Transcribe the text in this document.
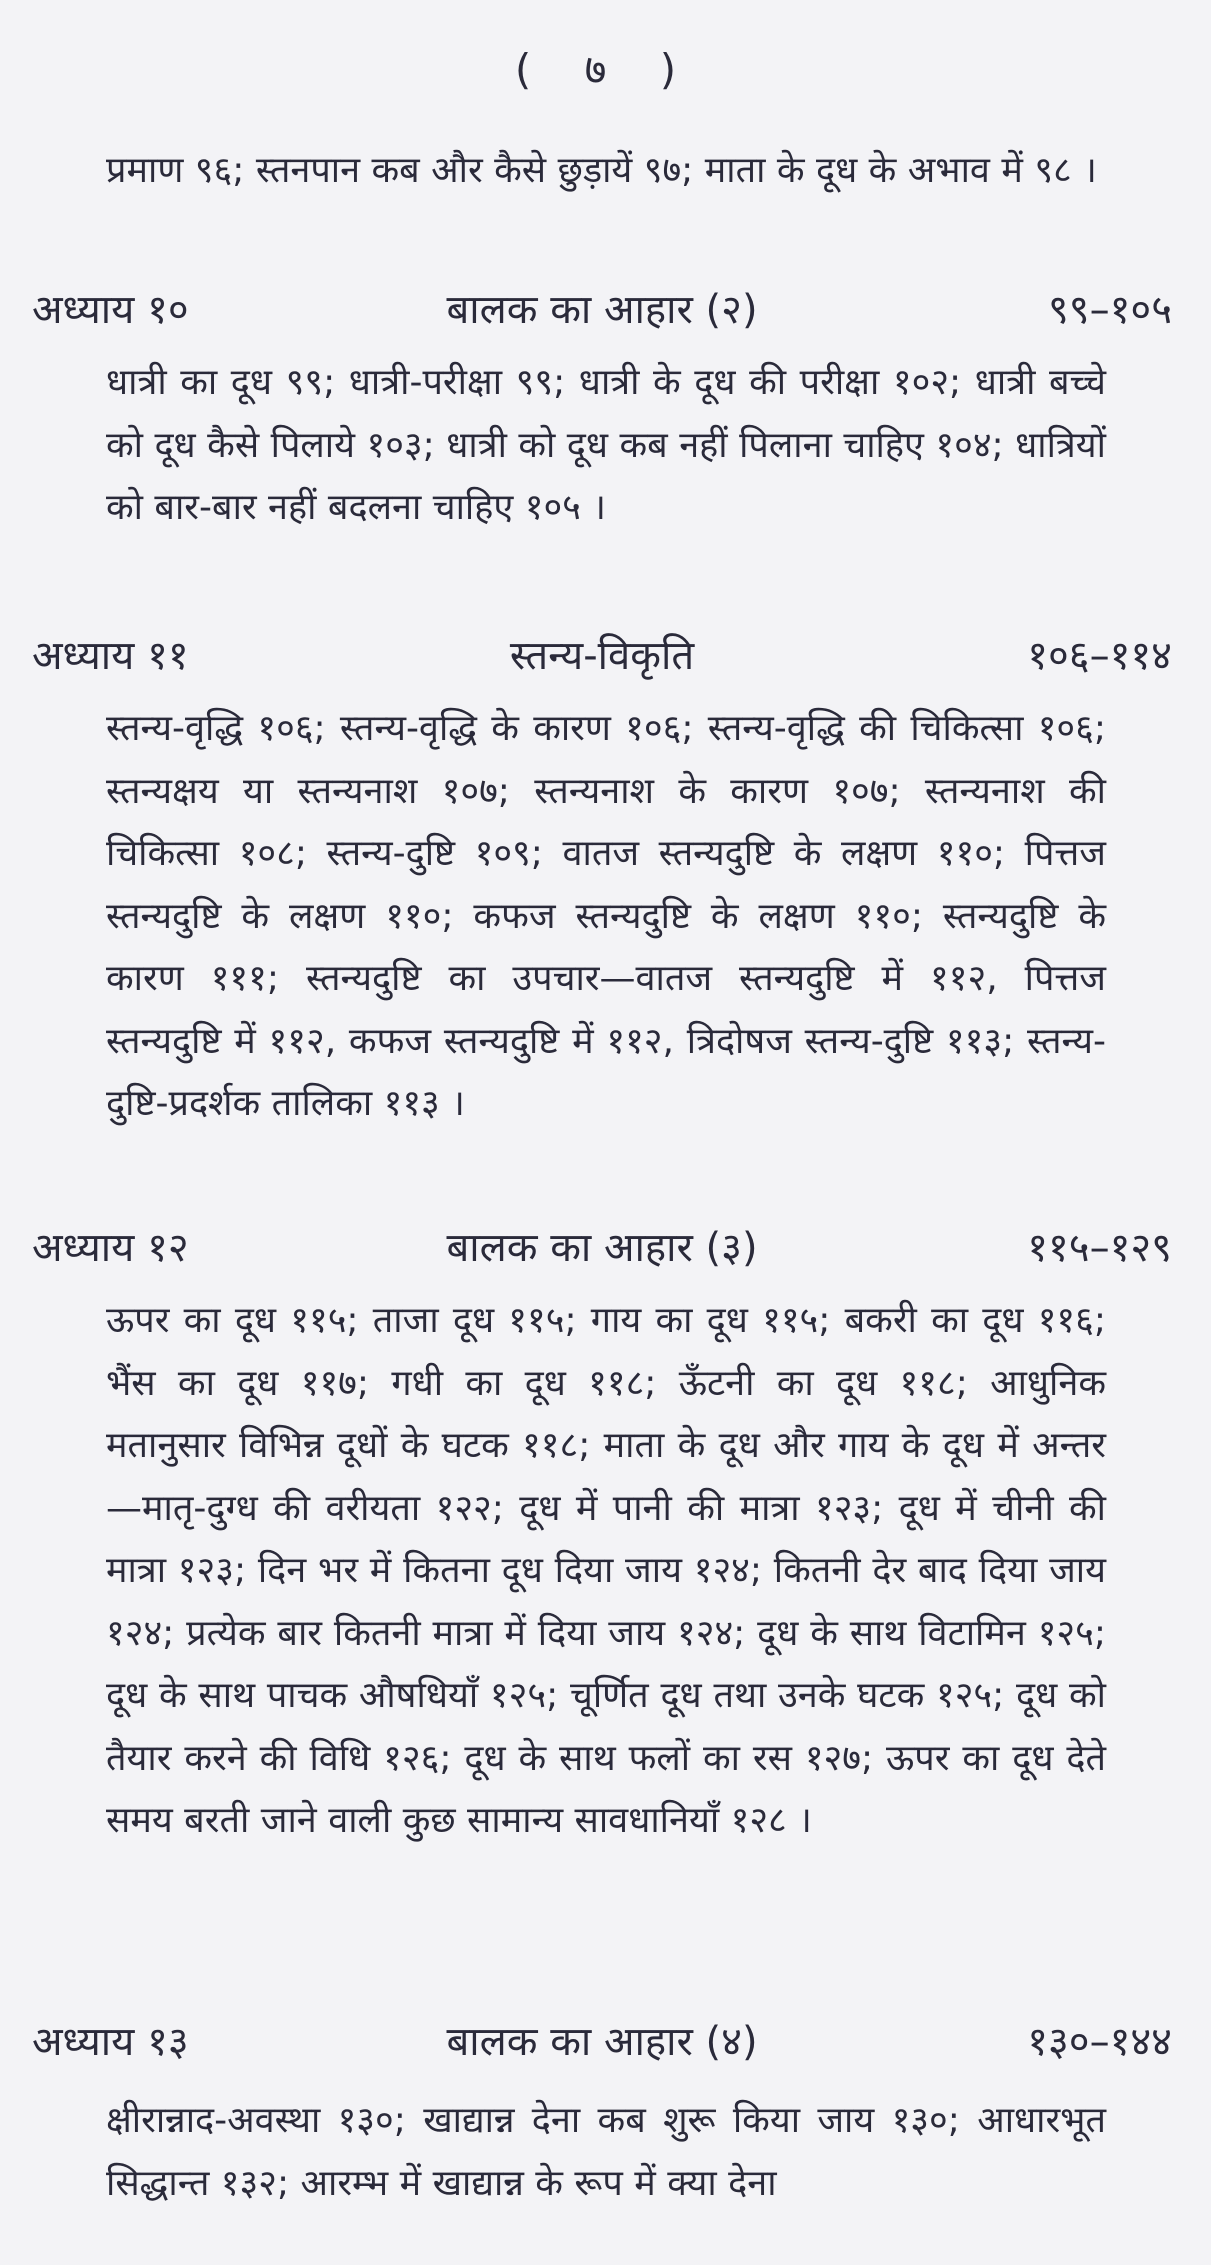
( ७ )

प्रमाण ९६; स्तनपान कब और कैसे छुड़ायें ९७; माता के दूध के अभाव में ९८ ।

अध्याय १०	बालक का आहार (२)	९९–१०५

धात्री का दूध ९९; धात्री-परीक्षा ९९; धात्री के दूध की परीक्षा १०२; धात्री बच्चे को दूध कैसे पिलाये १०३; धात्री को दूध कब नहीं पिलाना चाहिए १०४; धात्रियों को बार-बार नहीं बदलना चाहिए १०५ ।

अध्याय ११	स्तन्य-विकृति	१०६–११४

स्तन्य-वृद्धि १०६; स्तन्य-वृद्धि के कारण १०६; स्तन्य-वृद्धि की चिकित्सा १०६; स्तन्यक्षय या स्तन्यनाश १०७; स्तन्यनाश के कारण १०७; स्तन्यनाश की चिकित्सा १०८; स्तन्य-दुष्टि १०९; वातज स्तन्यदुष्टि के लक्षण ११०; पित्तज स्तन्यदुष्टि के लक्षण ११०; कफज स्तन्यदुष्टि के लक्षण ११०; स्तन्यदुष्टि के कारण १११; स्तन्यदुष्टि का उपचार—वातज स्तन्यदुष्टि में ११२, पित्तज स्तन्यदुष्टि में ११२, कफज स्तन्यदुष्टि में ११२, त्रिदोषज स्तन्य-दुष्टि ११३; स्तन्य-दुष्टि-प्रदर्शक तालिका ११३ ।

अध्याय १२	बालक का आहार (३)	११५–१२९

ऊपर का दूध ११५; ताजा दूध ११५; गाय का दूध ११५; बकरी का दूध ११६; भैंस का दूध ११७; गधी का दूध ११८; ऊँटनी का दूध ११८; आधुनिक मतानुसार विभिन्न दूधों के घटक ११८; माता के दूध और गाय के दूध में अन्तर—मातृ-दुग्ध की वरीयता १२२; दूध में पानी की मात्रा १२३; दूध में चीनी की मात्रा १२३; दिन भर में कितना दूध दिया जाय १२४; कितनी देर बाद दिया जाय १२४; प्रत्येक बार कितनी मात्रा में दिया जाय १२४; दूध के साथ विटामिन १२५; दूध के साथ पाचक औषधियाँ १२५; चूर्णित दूध तथा उनके घटक १२५; दूध को तैयार करने की विधि १२६; दूध के साथ फलों का रस १२७; ऊपर का दूध देते समय बरती जाने वाली कुछ सामान्य सावधानियाँ १२८ ।

अध्याय १३	बालक का आहार (४)	१३०–१४४

क्षीरान्नाद-अवस्था १३०; खाद्यान्न देना कब शुरू किया जाय १३०; आधारभूत सिद्धान्त १३२; आरम्भ में खाद्यान्न के रूप में क्या देना
